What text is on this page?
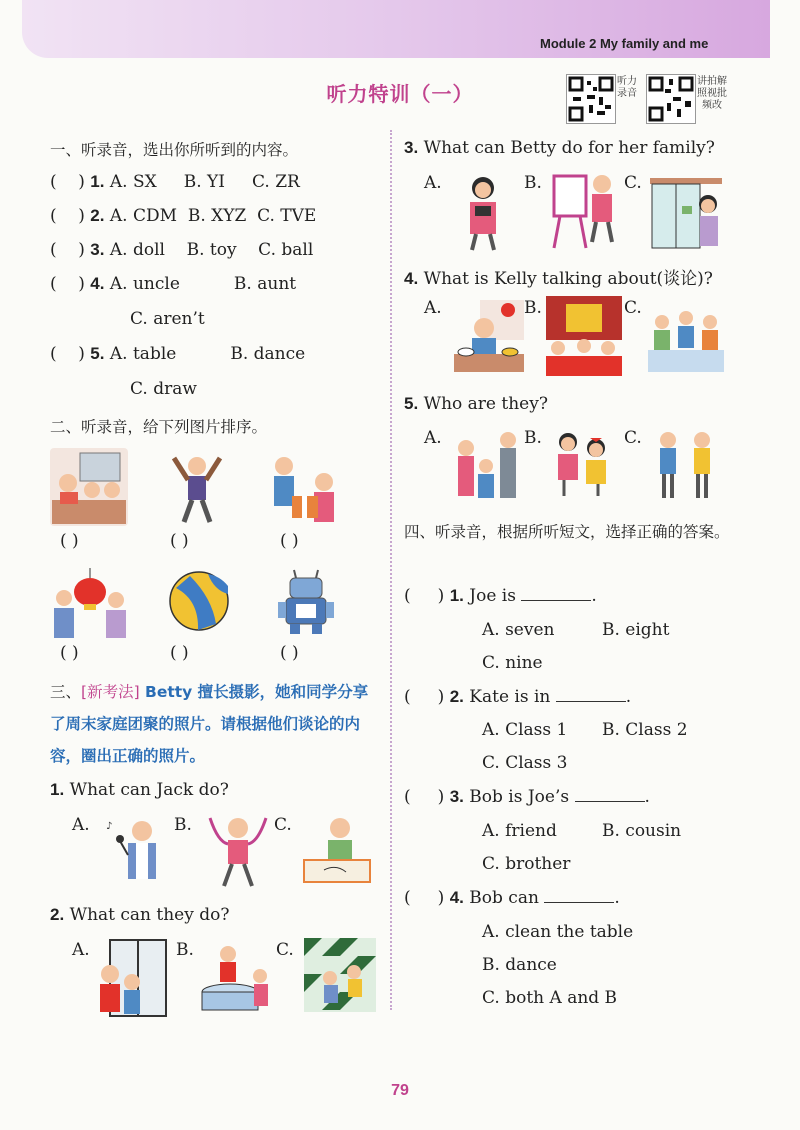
Module 2 My family and me
听力特训（一）
听力录音
讲拍解照视批频改
一、听录音，选出你所听到的内容。
(    ) 1. A. SX     B. YI     C. ZR
(    ) 2. A. CDM  B. XYZ  C. TVE
(    ) 3. A. doll    B. toy    C. ball
(    ) 4. A. uncle          B. aunt
C. aren’t
(    ) 5. A. table          B. dance
C. draw
二、听录音，给下列图片排序。
( )	( )	( )
( )	( )	( )
三、[新考法] Betty 擅长摄影，她和同学分享了周末家庭团聚的照片。请根据他们谈论的内容，圈出正确的照片。
1. What can Jack do?
A. ♪	B.	C.
2. What can they do?
A.	B.	C.
3. What can Betty do for her family?
A.	B.	C.
4. What is Kelly talking about(谈论)?
A.	B.	C.
5. Who are they?
A.	B.	C.
四、听录音，根据所听短文，选择正确的答案。
(     ) 1. Joe is	.
A. seven	B. eight
C. nine
(     ) 2. Kate is in	.
A. Class 1 B. Class 2
C. Class 3
(     ) 3. Bob is Joe’s	.
A. friend	B. cousin
C. brother
(     ) 4. Bob can	.
A. clean the table
B. dance
C. both A and B
79
